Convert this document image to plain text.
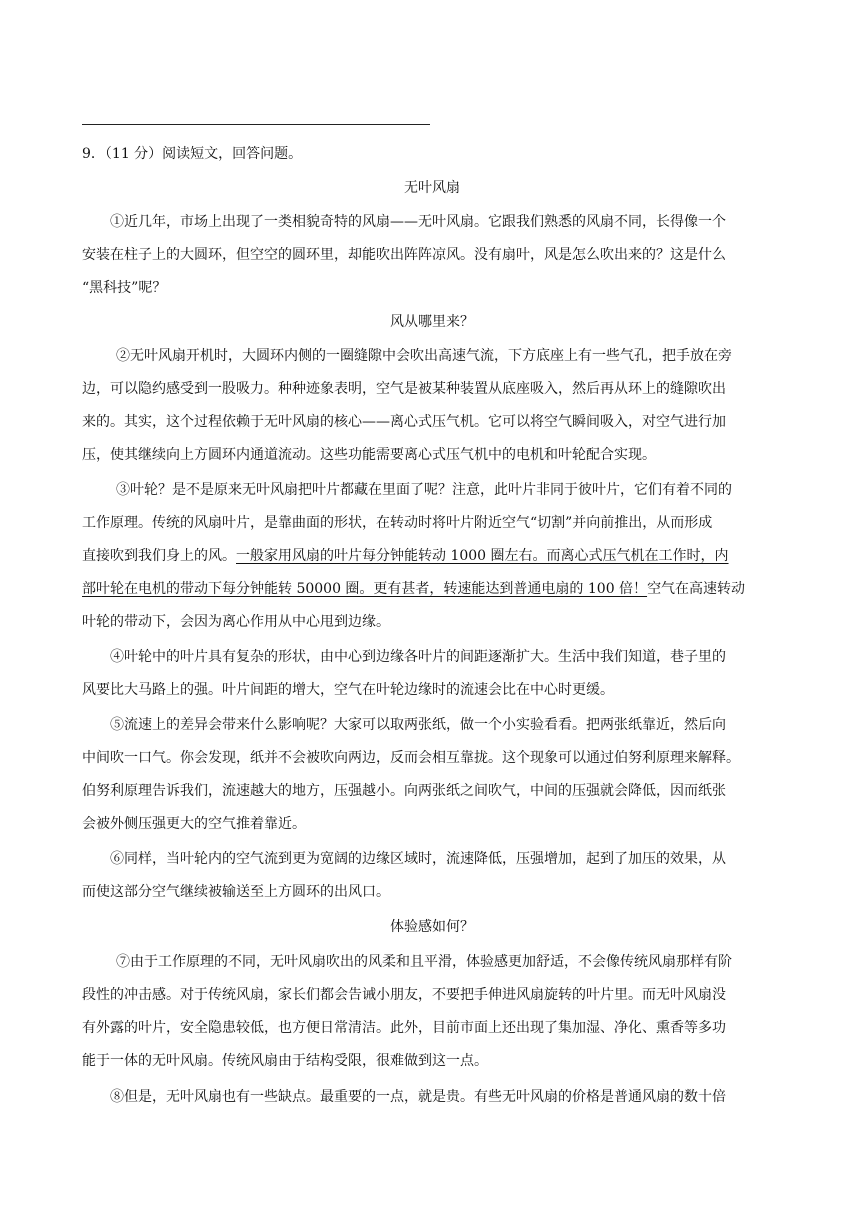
9．（11 分）阅读短文，回答问题。
无叶风扇
①近几年，市场上出现了一类相貌奇特的风扇——无叶风扇。它跟我们熟悉的风扇不同，长得像一个
安装在柱子上的大圆环，但空空的圆环里，却能吹出阵阵凉风。没有扇叶，风是怎么吹出来的？这是什么
“黑科技”呢？
风从哪里来？
②无叶风扇开机时，大圆环内侧的一圈缝隙中会吹出高速气流，下方底座上有一些气孔，把手放在旁
边，可以隐约感受到一股吸力。种种迹象表明，空气是被某种装置从底座吸入，然后再从环上的缝隙吹出
来的。其实，这个过程依赖于无叶风扇的核心——离心式压气机。它可以将空气瞬间吸入，对空气进行加
压，使其继续向上方圆环内通道流动。这些功能需要离心式压气机中的电机和叶轮配合实现。
③叶轮？是不是原来无叶风扇把叶片都藏在里面了呢？注意，此叶片非同于彼叶片，它们有着不同的
工作原理。传统的风扇叶片，是靠曲面的形状，在转动时将叶片附近空气“切割”并向前推出，从而形成
直接吹到我们身上的风。一般家用风扇的叶片每分钟能转动 1000 圈左右。而离心式压气机在工作时，内
部叶轮在电机的带动下每分钟能转 50000 圈。更有甚者，转速能达到普通电扇的 100 倍！空气在高速转动
叶轮的带动下，会因为离心作用从中心甩到边缘。
④叶轮中的叶片具有复杂的形状，由中心到边缘各叶片的间距逐渐扩大。生活中我们知道，巷子里的
风要比大马路上的强。叶片间距的增大，空气在叶轮边缘时的流速会比在中心时更缓。
⑤流速上的差异会带来什么影响呢？大家可以取两张纸，做一个小实验看看。把两张纸靠近，然后向
中间吹一口气。你会发现，纸并不会被吹向两边，反而会相互靠拢。这个现象可以通过伯努利原理来解释。
伯努利原理告诉我们，流速越大的地方，压强越小。向两张纸之间吹气，中间的压强就会降低，因而纸张
会被外侧压强更大的空气推着靠近。
⑥同样，当叶轮内的空气流到更为宽阔的边缘区域时，流速降低，压强增加，起到了加压的效果，从
而使这部分空气继续被输送至上方圆环的出风口。
体验感如何？
⑦由于工作原理的不同，无叶风扇吹出的风柔和且平滑，体验感更加舒适，不会像传统风扇那样有阶
段性的冲击感。对于传统风扇，家长们都会告诫小朋友，不要把手伸进风扇旋转的叶片里。而无叶风扇没
有外露的叶片，安全隐患较低，也方便日常清洁。此外，目前市面上还出现了集加湿、净化、熏香等多功
能于一体的无叶风扇。传统风扇由于结构受限，很难做到这一点。
⑧但是，无叶风扇也有一些缺点。最重要的一点，就是贵。有些无叶风扇的价格是普通风扇的数十倍
